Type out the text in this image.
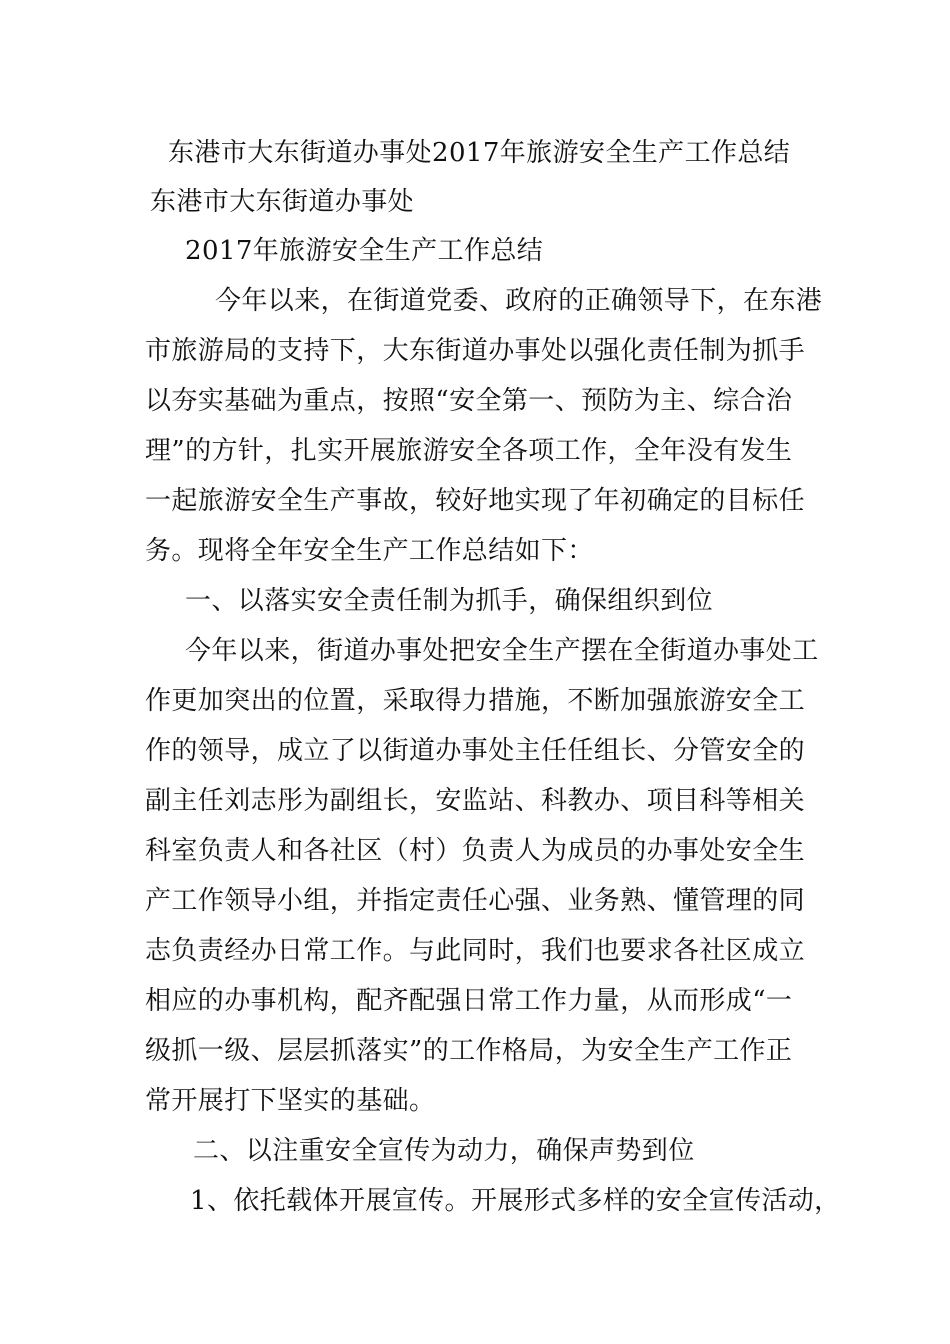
东港市大东街道办事处2017年旅游安全生产工作总结
东港市大东街道办事处
2017年旅游安全生产工作总结
今年以来，在街道党委、政府的正确领导下，在东港
市旅游局的支持下，大东街道办事处以强化责任制为抓手
以夯实基础为重点，按照“安全第一、预防为主、综合治
理”的方针，扎实开展旅游安全各项工作，全年没有发生
一起旅游安全生产事故，较好地实现了年初确定的目标任
务。现将全年安全生产工作总结如下：
一、以落实安全责任制为抓手，确保组织到位
今年以来，街道办事处把安全生产摆在全街道办事处工
作更加突出的位置，采取得力措施，不断加强旅游安全工
作的领导，成立了以街道办事处主任任组长、分管安全的
副主任刘志彤为副组长，安监站、科教办、项目科等相关
科室负责人和各社区（村）负责人为成员的办事处安全生
产工作领导小组，并指定责任心强、业务熟、懂管理的同
志负责经办日常工作。与此同时，我们也要求各社区成立
相应的办事机构，配齐配强日常工作力量，从而形成“一
级抓一级、层层抓落实”的工作格局，为安全生产工作正
常开展打下坚实的基础。
二、以注重安全宣传为动力，确保声势到位
1、依托载体开展宣传。开展形式多样的安全宣传活动，
